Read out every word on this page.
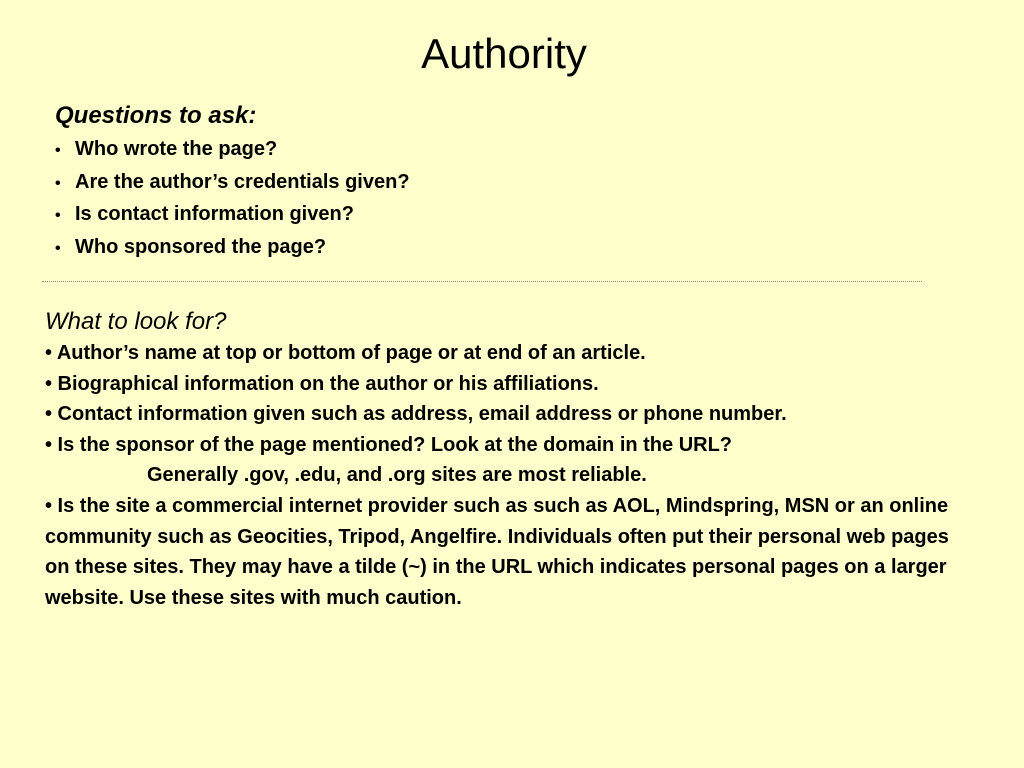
Authority

Questions to ask:

• Who wrote the page?
• Are the author’s credentials given?
• Is contact information given?
• Who sponsored the page?

What to look for?

• Author’s name at top or bottom of page or at end of an article.
• Biographical information on the author or his affiliations.
• Contact information given such as address, email address or phone number.
• Is the sponsor of the page mentioned? Look at the domain in the URL?
Generally .gov, .edu, and .org sites are most reliable.
• Is the site a commercial internet provider such as such as AOL, Mindspring, MSN or an online community such as Geocities, Tripod, Angelfire. Individuals often put their personal web pages on these sites. They may have a tilde (~) in the URL which indicates personal pages on a larger website. Use these sites with much caution.
